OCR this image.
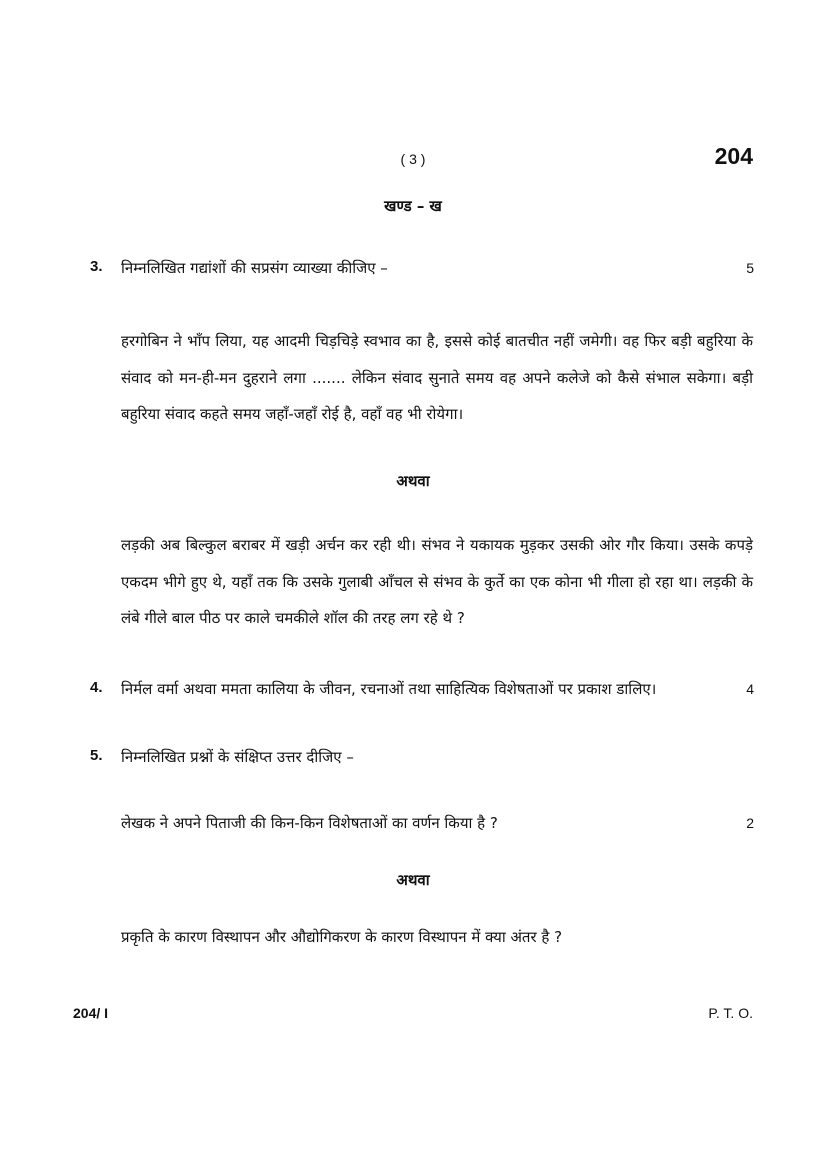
( 3 )	204
खण्ड – ख
3. निम्नलिखित गद्यांशों की सप्रसंग व्याख्या कीजिए –	5
हरगोबिन ने भाँप लिया, यह आदमी चिड़चिड़े स्वभाव का है, इससे कोई बातचीत नहीं जमेगी। वह फिर बड़ी बहुरिया के संवाद को मन-ही-मन दुहराने लगा ....... लेकिन संवाद सुनाते समय वह अपने कलेजे को कैसे संभाल सकेगा। बड़ी बहुरिया संवाद कहते समय जहाँ-जहाँ रोई है, वहाँ वह भी रोयेगा।
अथवा
लड़की अब बिल्कुल बराबर में खड़ी अर्चन कर रही थी। संभव ने यकायक मुड़कर उसकी ओर गौर किया। उसके कपड़े एकदम भीगे हुए थे, यहाँ तक कि उसके गुलाबी आँचल से संभव के कुर्ते का एक कोना भी गीला हो रहा था। लड़की के लंबे गीले बाल पीठ पर काले चमकीले शॉल की तरह लग रहे थे ?
4. निर्मल वर्मा अथवा ममता कालिया के जीवन, रचनाओं तथा साहित्यिक विशेषताओं पर प्रकाश डालिए।	4
5. निम्नलिखित प्रश्नों के संक्षिप्त उत्तर दीजिए –
लेखक ने अपने पिताजी की किन-किन विशेषताओं का वर्णन किया है ?	2
अथवा
प्रकृति के कारण विस्थापन और औद्योगिकरण के कारण विस्थापन में क्या अंतर है ?
204/ I	P. T. O.
